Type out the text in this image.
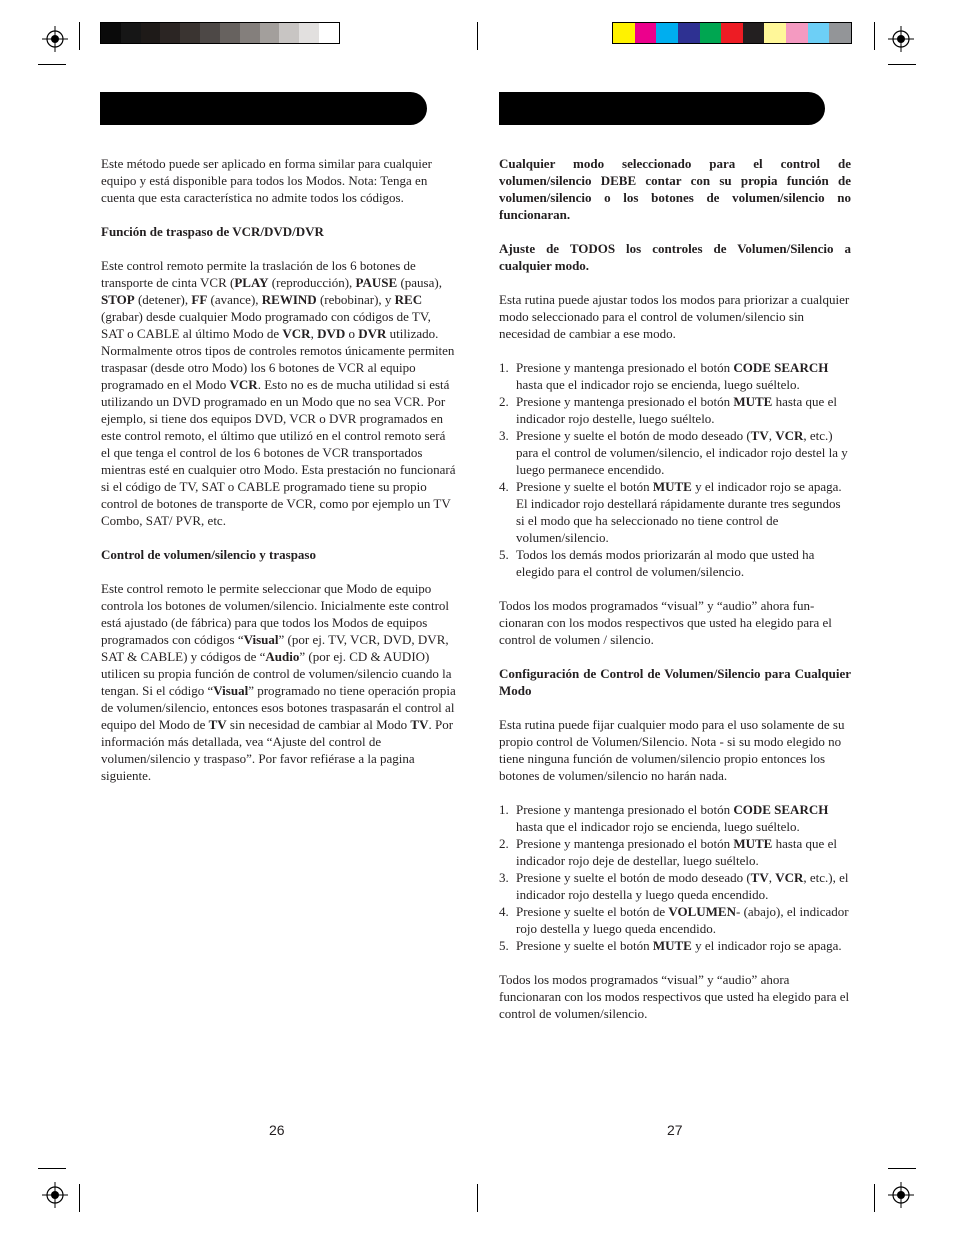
Este método puede ser aplicado en forma similar para cualquier equipo y está disponible para todos los Modos. Nota: Tenga en cuenta que esta característica no admite todos los códigos.

Función de traspaso de VCR/DVD/DVR

Este control remoto permite la traslación de los 6 botones de transporte de cinta VCR (PLAY (reproducción), PAUSE (pausa), STOP (detener), FF (avance), REWIND (rebobinar), y REC (grabar) desde cualquier Modo programado con códigos de TV, SAT o CABLE al último Modo de VCR, DVD o DVR utilizado. Normalmente otros tipos de controles remotos únicamente permiten traspasar (desde otro Modo) los 6 botones de VCR al equipo programado en el Modo VCR. Esto no es de mucha utilidad si está utilizando un DVD programado en un Modo que no sea VCR. Por ejemplo, si tiene dos equipos DVD, VCR o DVR programados en este control remoto, el último que utilizó en el control remoto será el que tenga el control de los 6 botones de VCR transportados mientras esté en cualquier otro Modo. Esta prestación no funcionará si el código de TV, SAT o CABLE programado tiene su propio control de botones de transporte de VCR, como por ejemplo un TV Combo, SAT/ PVR, etc.

Control de volumen/silencio y traspaso

Este control remoto le permite seleccionar que Modo de equipo controla los botones de volumen/silencio. Inicialmente este control está ajustado (de fábrica) para que todos los Modos de equipos programados con códigos “Visual” (por ej. TV, VCR, DVD, DVR, SAT & CABLE) y códigos de “Audio” (por ej. CD & AUDIO) utilicen su propia función de control de volumen/silencio cuando la tengan. Si el código “Visual” programado no tiene operación propia de volumen/silencio, entonces esos botones traspasarán el control al equipo del Modo de TV sin necesidad de cambiar al Modo TV. Por información más detallada, vea “Ajuste del control de volumen/silencio y traspaso”. Por favor refiérase a la pagina siguiente.

Cualquier modo seleccionado para el control de volumen/silencio DEBE contar con su propia función de volumen/silencio o los botones de volumen/silencio no funcionaran.

Ajuste de TODOS los controles de Volumen/Silencio a cualquier modo.

Esta rutina puede ajustar todos los modos para priorizar a cualquier modo seleccionado para el control de volumen/silencio sin necesidad de cambiar a ese modo.

1. Presione y mantenga presionado el botón CODE SEARCH hasta que el indicador rojo se encienda, luego suéltelo.
2. Presione y mantenga presionado el botón MUTE hasta que el indicador rojo destelle, luego suéltelo.
3. Presione y suelte el botón de modo deseado (TV, VCR, etc.) para el control de volumen/silencio, el indicador rojo destel la y luego permanece encendido.
4. Presione y suelte el botón MUTE y el indicador rojo se apaga. El indicador rojo destellará rápidamente durante tres segundos si el modo que ha seleccionado no tiene control de volumen/silencio.
5. Todos los demás modos priorizarán al modo que usted ha elegido para el control de volumen/silencio.

Todos los modos programados “visual” y “audio” ahora fun-cionaran con los modos respectivos que usted ha elegido para el control de volumen / silencio.

Configuración de Control de Volumen/Silencio para Cualquier Modo

Esta rutina puede fijar cualquier modo para el uso solamente de su propio control de Volumen/Silencio. Nota - si su modo elegido no tiene ninguna función de volumen/silencio propio entonces los botones de volumen/silencio no harán nada.

1. Presione y mantenga presionado el botón CODE SEARCH hasta que el indicador rojo se encienda, luego suéltelo.
2. Presione y mantenga presionado el botón MUTE hasta que el indicador rojo deje de destellar, luego suéltelo.
3. Presione y suelte el botón de modo deseado (TV, VCR, etc.), el indicador rojo destella y luego queda encendido.
4. Presione y suelte el botón de VOLUMEN- (abajo), el indicador rojo destella y luego queda encendido.
5. Presione y suelte el botón MUTE y el indicador rojo se apaga.

Todos los modos programados “visual” y “audio” ahora funcionaran con los modos respectivos que usted ha elegido para el control de volumen/silencio.

26	27
